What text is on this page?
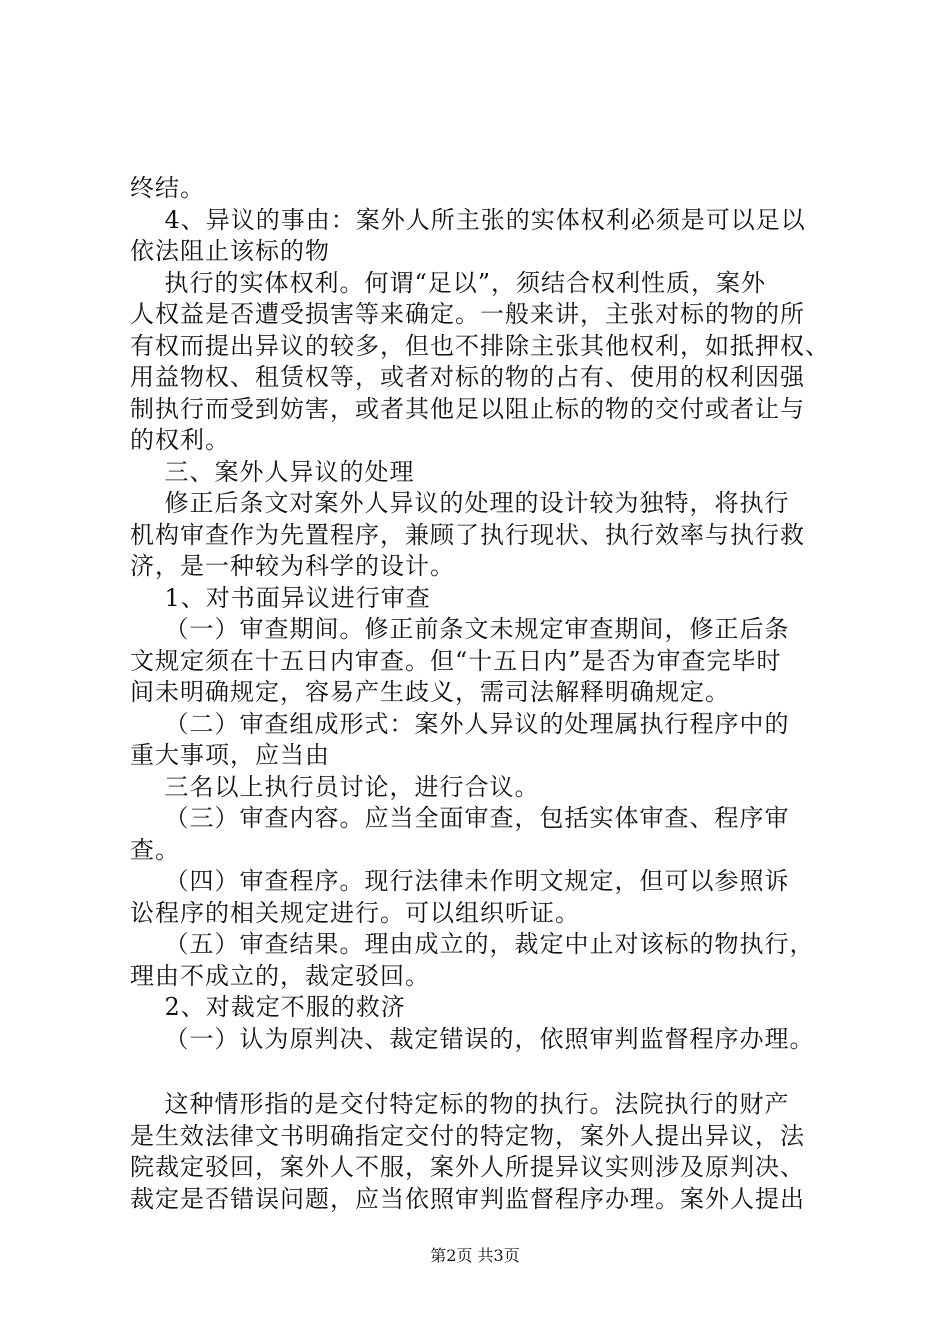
终结。
4、异议的事由：案外人所主张的实体权利必须是可以足以
依法阻止该标的物
执行的实体权利。何谓“足以”，须结合权利性质，案外
人权益是否遭受损害等来确定。一般来讲，主张对标的物的所
有权而提出异议的较多，但也不排除主张其他权利，如抵押权、
用益物权、租赁权等，或者对标的物的占有、使用的权利因强
制执行而受到妨害，或者其他足以阻止标的物的交付或者让与
的权利。
三、案外人异议的处理
修正后条文对案外人异议的处理的设计较为独特，将执行
机构审查作为先置程序，兼顾了执行现状、执行效率与执行救
济，是一种较为科学的设计。
1、对书面异议进行审查
（一）审查期间。修正前条文未规定审查期间，修正后条
文规定须在十五日内审查。但“十五日内”是否为审查完毕时
间未明确规定，容易产生歧义，需司法解释明确规定。
（二）审查组成形式：案外人异议的处理属执行程序中的
重大事项，应当由
三名以上执行员讨论，进行合议。
（三）审查内容。应当全面审查，包括实体审查、程序审
查。
（四）审查程序。现行法律未作明文规定，但可以参照诉
讼程序的相关规定进行。可以组织听证。
（五）审查结果。理由成立的，裁定中止对该标的物执行，
理由不成立的，裁定驳回。
2、对裁定不服的救济
（一）认为原判决、裁定错误的，依照审判监督程序办理。
这种情形指的是交付特定标的物的执行。法院执行的财产
是生效法律文书明确指定交付的特定物，案外人提出异议，法
院裁定驳回，案外人不服，案外人所提异议实则涉及原判决、
裁定是否错误问题，应当依照审判监督程序办理。案外人提出
第2页 共3页
